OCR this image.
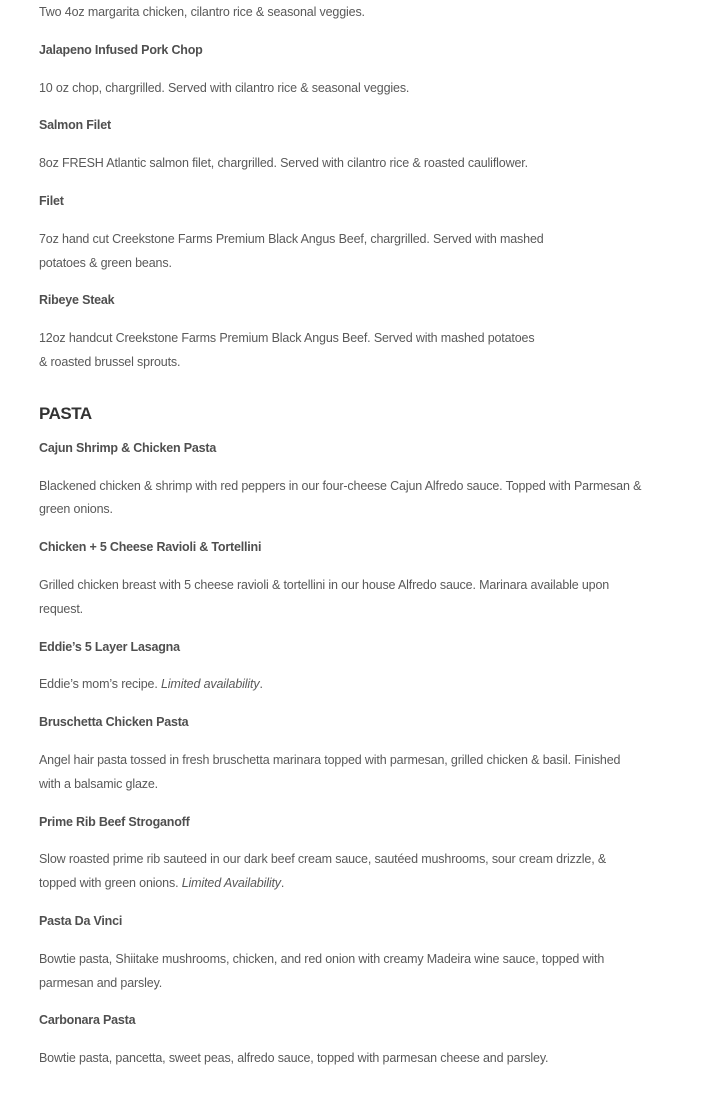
Two 4oz margarita chicken, cilantro rice & seasonal veggies.
Jalapeno Infused Pork Chop
10 oz chop, chargrilled. Served with cilantro rice & seasonal veggies.
Salmon Filet
8oz FRESH Atlantic salmon filet, chargrilled. Served with cilantro rice & roasted cauliflower.
Filet
7oz hand cut Creekstone Farms Premium Black Angus Beef, chargrilled. Served with mashed
potatoes & green beans.
Ribeye Steak
12oz handcut Creekstone Farms Premium Black Angus Beef. Served with mashed potatoes
& roasted brussel sprouts.
PASTA
Cajun Shrimp & Chicken Pasta
Blackened chicken & shrimp with red peppers in our four-cheese Cajun Alfredo sauce. Topped with Parmesan &
green onions.
Chicken + 5 Cheese Ravioli & Tortellini
Grilled chicken breast with 5 cheese ravioli & tortellini in our house Alfredo sauce. Marinara available upon
request.
Eddie’s 5 Layer Lasagna
Eddie’s mom’s recipe. Limited availability.
Bruschetta Chicken Pasta
Angel hair pasta tossed in fresh bruschetta marinara topped with parmesan, grilled chicken & basil. Finished
with a balsamic glaze.
Prime Rib Beef Stroganoff
Slow roasted prime rib sauteed in our dark beef cream sauce, sautéed mushrooms, sour cream drizzle, &
topped with green onions. Limited Availability.
Pasta Da Vinci
Bowtie pasta, Shiitake mushrooms, chicken, and red onion with creamy Madeira wine sauce, topped with
parmesan and parsley.
Carbonara Pasta
Bowtie pasta, pancetta, sweet peas, alfredo sauce, topped with parmesan cheese and parsley.
